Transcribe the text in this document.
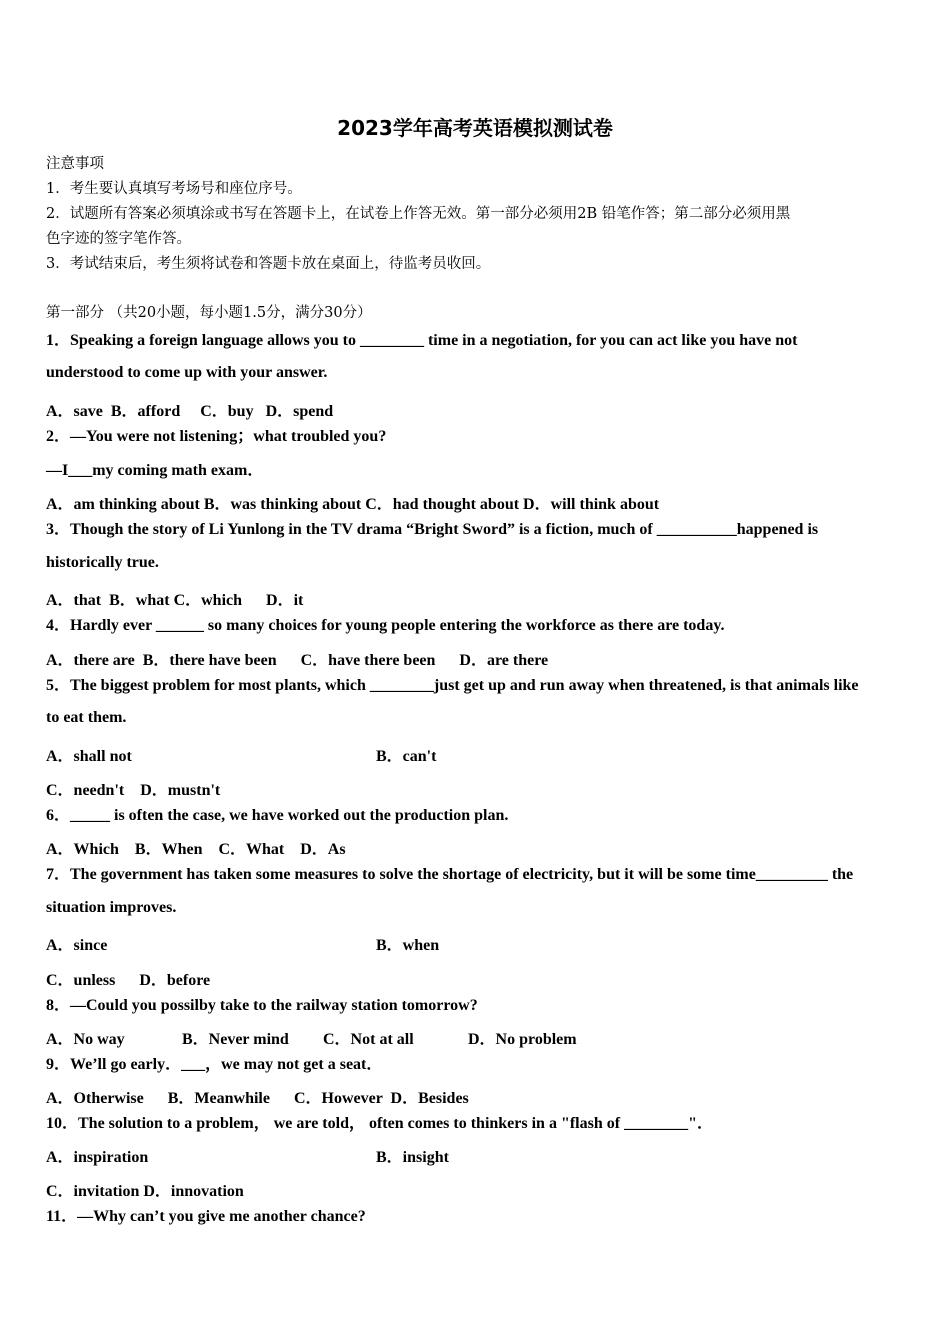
2023学年高考英语模拟测试卷
注意事项
1．考生要认真填写考场号和座位序号。
2．试题所有答案必须填涂或书写在答题卡上，在试卷上作答无效。第一部分必须用2B 铅笔作答；第二部分必须用黑
色字迹的签字笔作答。
3．考试结束后，考生须将试卷和答题卡放在桌面上，待监考员收回。
第一部分 （共20小题，每小题1.5分，满分30分）
1．Speaking a foreign language allows you to ________ time in a negotiation, for you can act like you have not
understood to come up with your answer.
A．save  B．afford     C．buy   D．spend
2．—You were not listening；what troubled you?
—I___my coming math exam．
A．am thinking about B．was thinking about C．had thought about D．will think about
3．Though the story of Li Yunlong in the TV drama “Bright Sword” is a fiction, much of __________happened is
historically true.
A．that  B．what C．which      D．it
4．Hardly ever ______ so many choices for young people entering the workforce as there are today.
A．there are  B．there have been      C．have there been      D．are there
5．The biggest problem for most plants, which ________just get up and run away when threatened, is that animals like
to eat them.
A．shall not	B．can't
C．needn't    D．mustn't
6．_____ is often the case, we have worked out the production plan.
A．Which    B．When    C．What    D．As
7．The government has taken some measures to solve the shortage of electricity, but it will be some time_________ the
situation improves.
A．since	B．when
C．unless      D．before
8．—Could you possilby take to the railway station tomorrow?
A．No way	B．Never mind C．Not at all	D．No problem
9．We’ll go early．___，we may not get a seat．
A．Otherwise      B．Meanwhile      C．However  D．Besides
10．The solution to a problem， we are told， often comes to thinkers in a "flash of ________"．
A．inspiration	B．insight
C．invitation D．innovation
11．—Why can’t you give me another chance?
